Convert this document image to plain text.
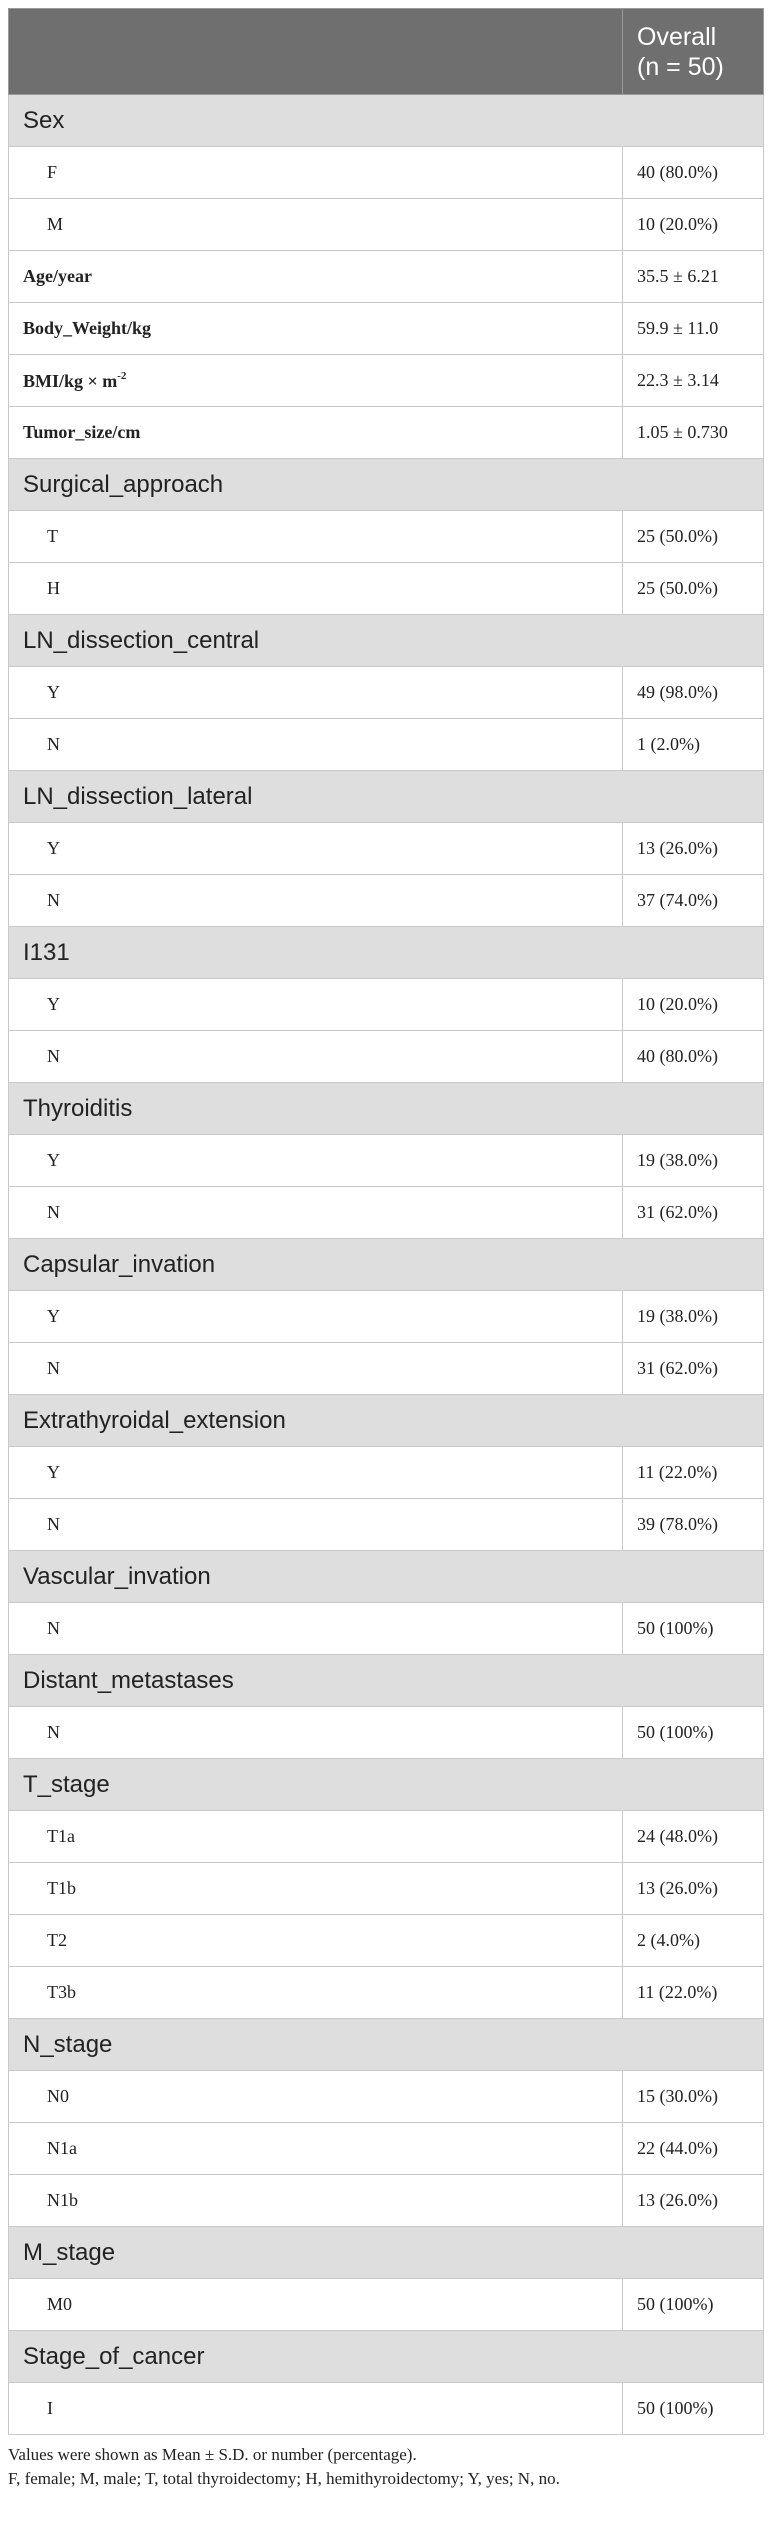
	Overall
(n = 50)

Sex	
F	40 (80.0%)
M	10 (20.0%)
Age/year	35.5 ± 6.21
Body_Weight/kg	59.9 ± 11.0
$BMI/kg \times m^{-2}$	22.3 ± 3.14
Tumor_size/cm	1.05 ± 0.730
Surgical_approach	
T	25 (50.0%)
H	25 (50.0%)
LN_dissection_central	
Y	49 (98.0%)
N	1 (2.0%)
LN_dissection_lateral	
Y	13 (26.0%)
N	37 (74.0%)
I131	
Y	10 (20.0%)
N	40 (80.0%)
Thyroiditis	
Y	19 (38.0%)
N	31 (62.0%)
Capsular_invation	
Y	19 (38.0%)
N	31 (62.0%)
Extrathyroidal_extension	
Y	11 (22.0%)
N	39 (78.0%)
Vascular_invation	
N	50 (100%)
Distant_metastases	
N	50 (100%)
T_stage	
T1a	24 (48.0%)
T1b	13 (26.0%)
T2	2 (4.0%)
T3b	11 (22.0%)
N_stage	
N0	15 (30.0%)
N1a	22 (44.0%)
N1b	13 (26.0%)
M_stage	
M0	50 (100%)
Stage_of_cancer	
I	50 (100%)
Values were shown as Mean ± S.D. or number (percentage).
F, female; M, male; T, total thyroidectomy; H, hemithyroidectomy; Y, yes; N, no.
